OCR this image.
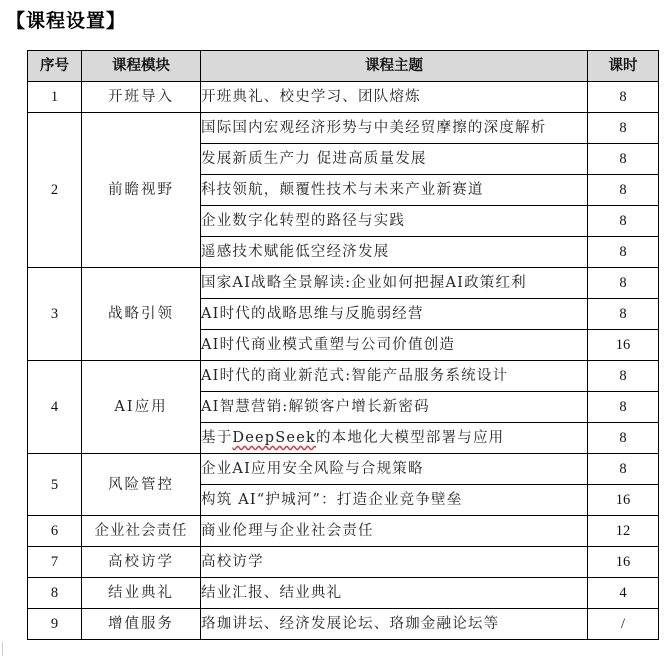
【课程设置】
序号	课程模块	课程主题	课时
1	开班导入	开班典礼、校史学习、团队熔炼	8
2	前瞻视野	国际国内宏观经济形势与中美经贸摩擦的深度解析	8
		发展新质生产力 促进高质量发展	8
		科技领航，颠覆性技术与未来产业新赛道	8
		企业数字化转型的路径与实践	8
		遥感技术赋能低空经济发展	8
3	战略引领	国家AI战略全景解读:企业如何把握AI政策红利	8
		AI时代的战略思维与反脆弱经营	8
		AI时代商业模式重塑与公司价值创造	16
4	AI应用	AI时代的商业新范式:智能产品服务系统设计	8
		AI智慧营销:解锁客户增长新密码	8
		基于DeepSeek的本地化大模型部署与应用	8
5	风险管控	企业AI应用安全风险与合规策略	8
		构筑 AI“护城河”：打造企业竞争壁垒	16
6	企业社会责任	商业伦理与企业社会责任	12
7	高校访学	高校访学	16
8	结业典礼	结业汇报、结业典礼	4
9	增值服务	珞珈讲坛、经济发展论坛、珞珈金融论坛等	/
